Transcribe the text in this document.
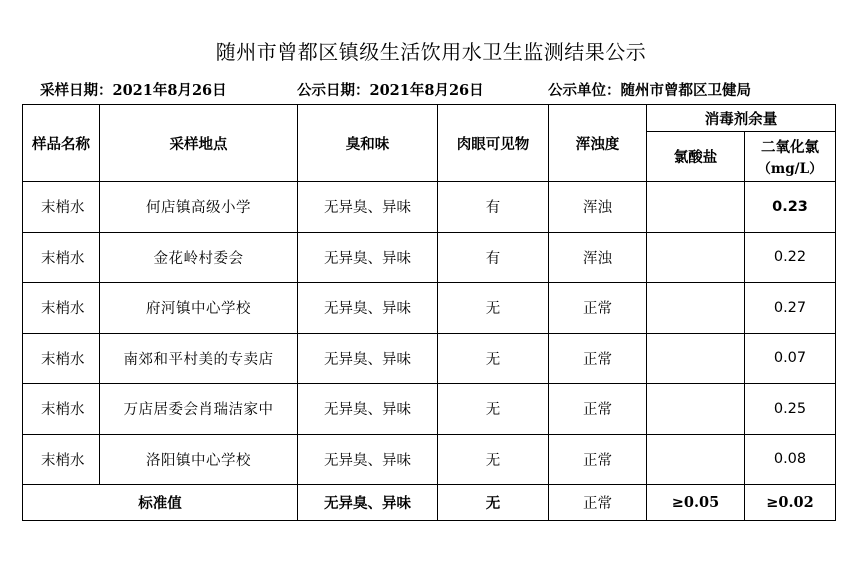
随州市曾都区镇级生活饮用水卫生监测结果公示
采样日期：2021年8月26日	公示日期：2021年8月26日	公示单位：随州市曾都区卫健局
样品名称	采样地点	臭和味	肉眼可见物	浑浊度	消毒剂余量	
					氯酸盐	二氧化氯
（mg/L）

末梢水	何店镇高级小学	无异臭、异味	有	浑浊		0.23
末梢水	金花岭村委会	无异臭、异味	有	浑浊		0.22
末梢水	府河镇中心学校	无异臭、异味	无	正常		0.27
末梢水	南郊和平村美的专卖店	无异臭、异味	无	正常		0.07
末梢水	万店居委会肖瑞洁家中	无异臭、异味	无	正常		0.25
末梢水	洛阳镇中心学校	无异臭、异味	无	正常		0.08
标准值		无异臭、异味	无	正常	≥0.05	≥0.02
